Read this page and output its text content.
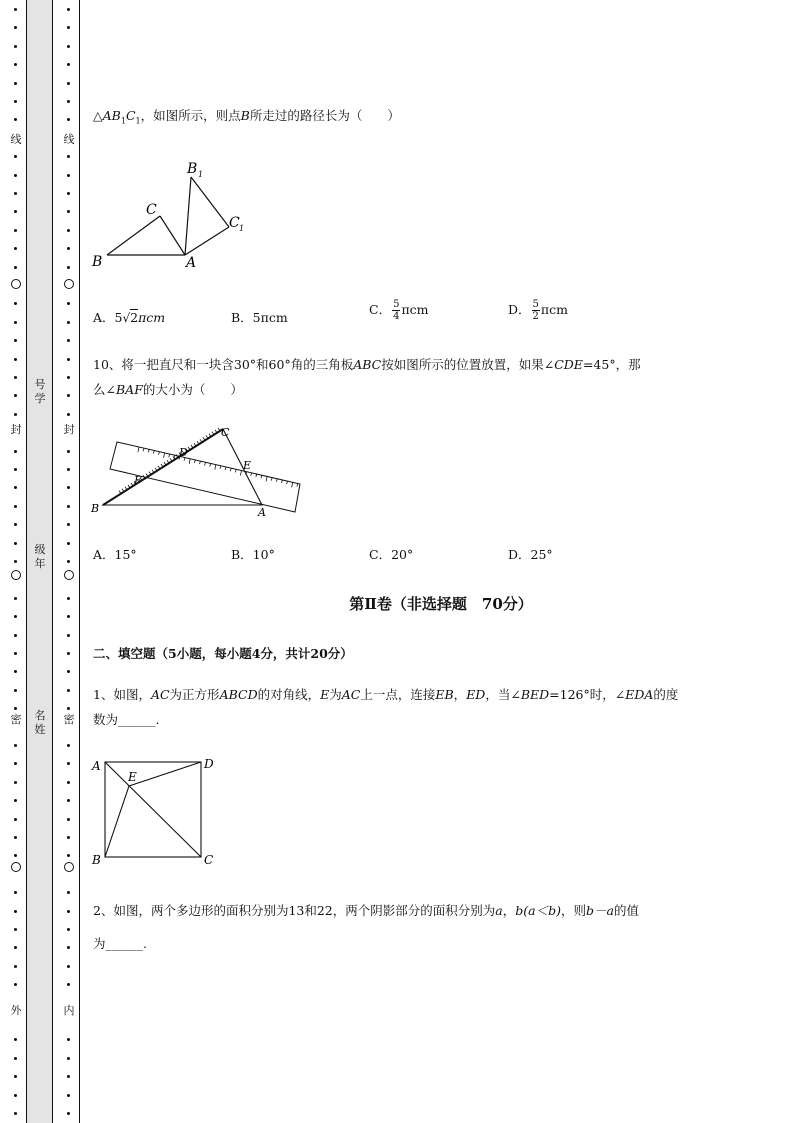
线
封
密
外
线
封
密
内
号学
级年
名姓
$\triangle AB_1C_1$，如图所示，则点B所走过的路径长为（　　）
B
C
A
B 1
C 1
A．5√2πcm	B．5πcm
C． $\frac{5}{4}$ πcm	D． $\frac{5}{2}$ πcm
10、将一把直尺和一块含30°和60°角的三角板ABC按如图所示的位置放置，如果∠CDE=45°，那
么∠BAF的大小为（　　）
C
D
E
F
B	A
A．15°	B．10°	C．20°	D．25°
第Ⅱ卷（非选择题　70分）
二、填空题（5小题，每小题4分，共计20分）
1、如图，AC为正方形ABCD的对角线，E为AC上一点，连接EB，ED，当∠BED=126°时，∠EDA的度
数为______.
A
E
D
B	C
2、如图，两个多边形的面积分别为13和22，两个阴影部分的面积分别为a，b(a＜b)，则b－a的值
为______.
